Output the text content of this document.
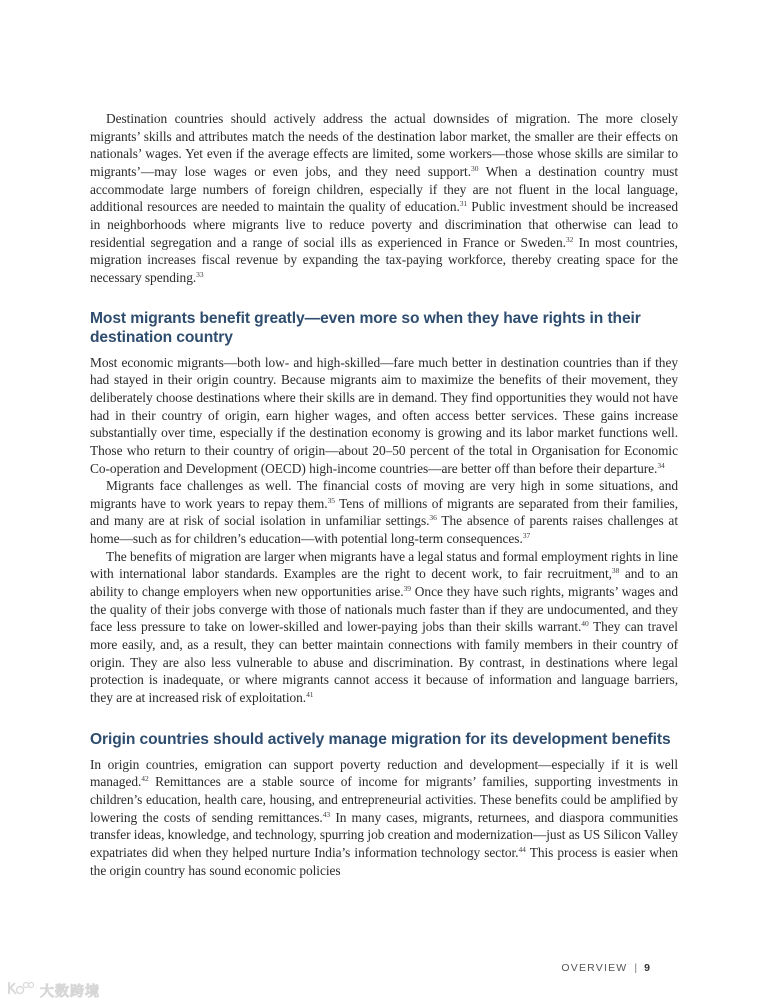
Destination countries should actively address the actual downsides of migration. The more closely migrants’ skills and attributes match the needs of the destination labor market, the smaller are their effects on nationals’ wages. Yet even if the average effects are limited, some workers—those whose skills are similar to migrants’—may lose wages or even jobs, and they need support.$^{30}$ When a destination country must accommodate large numbers of foreign children, especially if they are not fluent in the local language, additional resources are needed to maintain the quality of education.$^{31}$ Public investment should be increased in neighborhoods where migrants live to reduce poverty and discrimination that otherwise can lead to residential segregation and a range of social ills as experienced in France or Sweden.$^{32}$ In most countries, migration increases fiscal revenue by expanding the tax-paying workforce, thereby creating space for the necessary spending.$^{33}$

Most migrants benefit greatly—even more so when they have rights in their destination country

Most economic migrants—both low- and high-skilled—fare much better in destination countries than if they had stayed in their origin country. Because migrants aim to maximize the benefits of their movement, they deliberately choose destinations where their skills are in demand. They find opportunities they would not have had in their country of origin, earn higher wages, and often access better services. These gains increase substantially over time, especially if the destination economy is growing and its labor market functions well. Those who return to their country of origin—about 20–50 percent of the total in Organisation for Economic Co-operation and Development (OECD) high-income countries—are better off than before their departure.$^{34}$

Migrants face challenges as well. The financial costs of moving are very high in some situations, and migrants have to work years to repay them.$^{35}$ Tens of millions of migrants are separated from their families, and many are at risk of social isolation in unfamiliar settings.$^{36}$ The absence of parents raises challenges at home—such as for children’s education—with potential long-term consequences.$^{37}$

The benefits of migration are larger when migrants have a legal status and formal employment rights in line with international labor standards. Examples are the right to decent work, to fair recruitment,$^{38}$ and to an ability to change employers when new opportunities arise.$^{39}$ Once they have such rights, migrants’ wages and the quality of their jobs converge with those of nationals much faster than if they are undocumented, and they face less pressure to take on lower-skilled and lower-paying jobs than their skills warrant.$^{40}$ They can travel more easily, and, as a result, they can better maintain connections with family members in their country of origin. They are also less vulnerable to abuse and discrimination. By contrast, in destinations where legal protection is inadequate, or where migrants cannot access it because of information and language barriers, they are at increased risk of exploitation.$^{41}$

Origin countries should actively manage migration for its development benefits

In origin countries, emigration can support poverty reduction and development—especially if it is well managed.$^{42}$ Remittances are a stable source of income for migrants’ families, supporting investments in children’s education, health care, housing, and entrepreneurial activities. These benefits could be amplified by lowering the costs of sending remittances.$^{43}$ In many cases, migrants, returnees, and diaspora communities transfer ideas, knowledge, and technology, spurring job creation and modernization—just as US Silicon Valley expatriates did when they helped nurture India’s information technology sector.$^{44}$ This process is easier when the origin country has sound economic policies

OVERVIEW | 9
大数跨境
